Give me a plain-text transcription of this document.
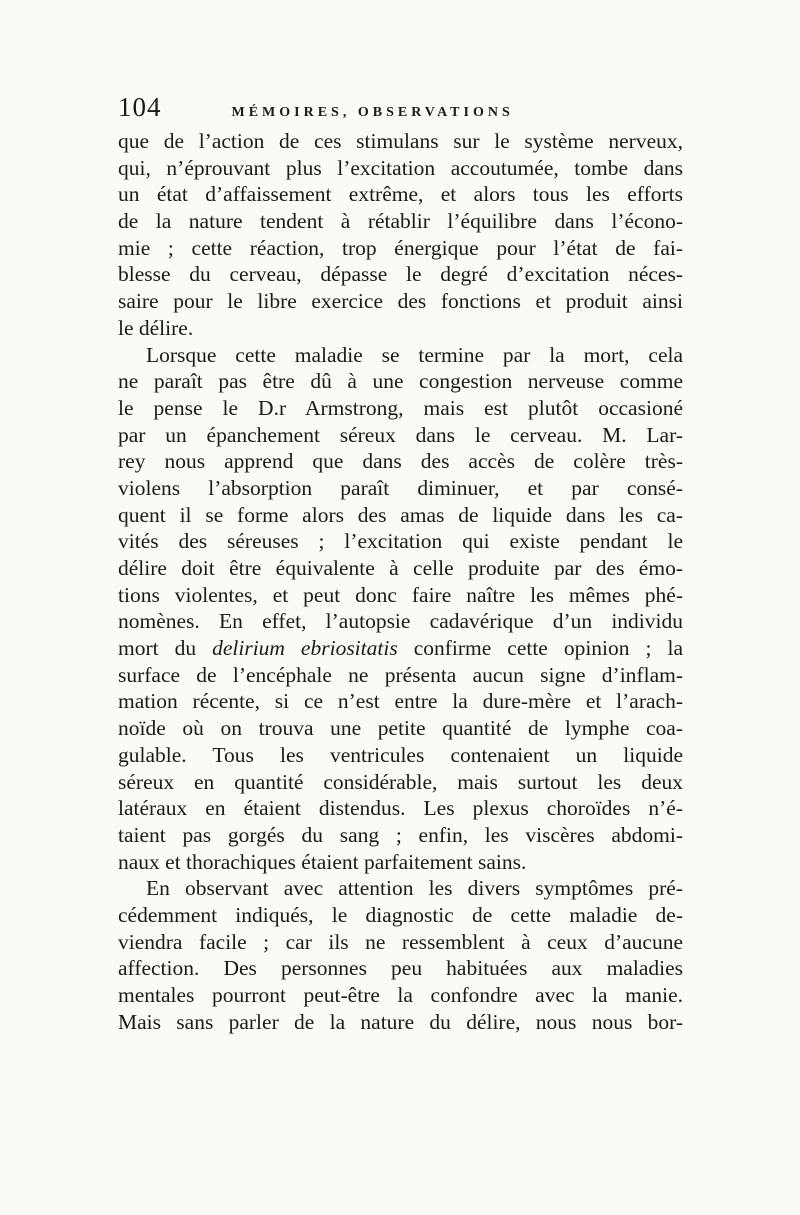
104	MÉMOIRES, OBSERVATIONS
que de l’action de ces stimulans sur le système nerveux,
qui, n’éprouvant plus l’excitation accoutumée, tombe dans
un état d’affaissement extrême, et alors tous les efforts
de la nature tendent à rétablir l’équilibre dans l’écono-
mie ; cette réaction, trop énergique pour l’état de fai-
blesse du cerveau, dépasse le degré d’excitation néces-
saire pour le libre exercice des fonctions et produit ainsi
le délire.
Lorsque cette maladie se termine par la mort, cela
ne paraît pas être dû à une congestion nerveuse comme
le pense le D.r Armstrong, mais est plutôt occasioné
par un épanchement séreux dans le cerveau. M. Lar-
rey nous apprend que dans des accès de colère très-
violens l’absorption paraît diminuer, et par consé-
quent il se forme alors des amas de liquide dans les ca-
vités des séreuses ; l’excitation qui existe pendant le
délire doit être équivalente à celle produite par des émo-
tions violentes, et peut donc faire naître les mêmes phé-
nomènes. En effet, l’autopsie cadavérique d’un individu
mort du delirium ebriositatis confirme cette opinion ; la
surface de l’encéphale ne présenta aucun signe d’inflam-
mation récente, si ce n’est entre la dure-mère et l’arach-
noïde où on trouva une petite quantité de lymphe coa-
gulable. Tous les ventricules contenaient un liquide
séreux en quantité considérable, mais surtout les deux
latéraux en étaient distendus. Les plexus choroïdes n’é-
taient pas gorgés du sang ; enfin, les viscères abdomi-
naux et thorachiques étaient parfaitement sains.
En observant avec attention les divers symptômes pré-
cédemment indiqués, le diagnostic de cette maladie de-
viendra facile ; car ils ne ressemblent à ceux d’aucune
affection. Des personnes peu habituées aux maladies
mentales pourront peut-être la confondre avec la manie.
Mais sans parler de la nature du délire, nous nous bor-
